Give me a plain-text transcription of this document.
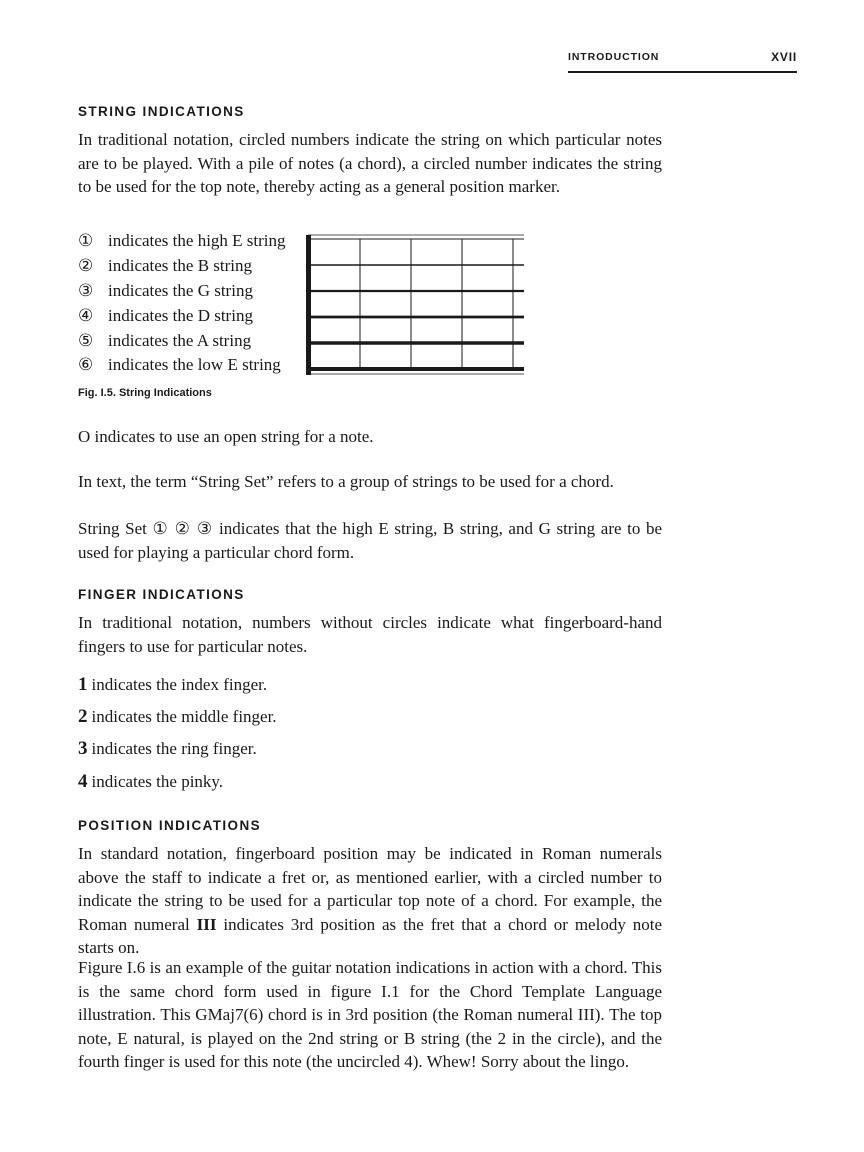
INTRODUCTION	XVII
STRING INDICATIONS

In traditional notation, circled numbers indicate the string on which particular notes are to be played. With a pile of notes (a chord), a circled number indicates the string to be used for the top note, thereby acting as a general position marker.

① indicates the high E string
② indicates the B string
③ indicates the G string
④ indicates the D string
⑤ indicates the A string
⑥ indicates the low E string

Fig. I.5. String Indications

O indicates to use an open string for a note.

In text, the term “String Set” refers to a group of strings to be used for a chord.

String Set ① ② ③ indicates that the high E string, B string, and G string are to be used for playing a particular chord form.

FINGER INDICATIONS

In traditional notation, numbers without circles indicate what fingerboard-hand fingers to use for particular notes.

1 indicates the index finger.

2 indicates the middle finger.

3 indicates the ring finger.

4 indicates the pinky.

POSITION INDICATIONS

In standard notation, fingerboard position may be indicated in Roman numerals above the staff to indicate a fret or, as mentioned earlier, with a circled number to indicate the string to be used for a particular top note of a chord. For example, the Roman numeral III indicates 3rd position as the fret that a chord or melody note starts on.

Figure I.6 is an example of the guitar notation indications in action with a chord. This is the same chord form used in figure I.1 for the Chord Template Language illustration. This GMaj7(6) chord is in 3rd position (the Roman numeral III). The top note, E natural, is played on the 2nd string or B string (the 2 in the circle), and the fourth finger is used for this note (the uncircled 4). Whew! Sorry about the lingo.
